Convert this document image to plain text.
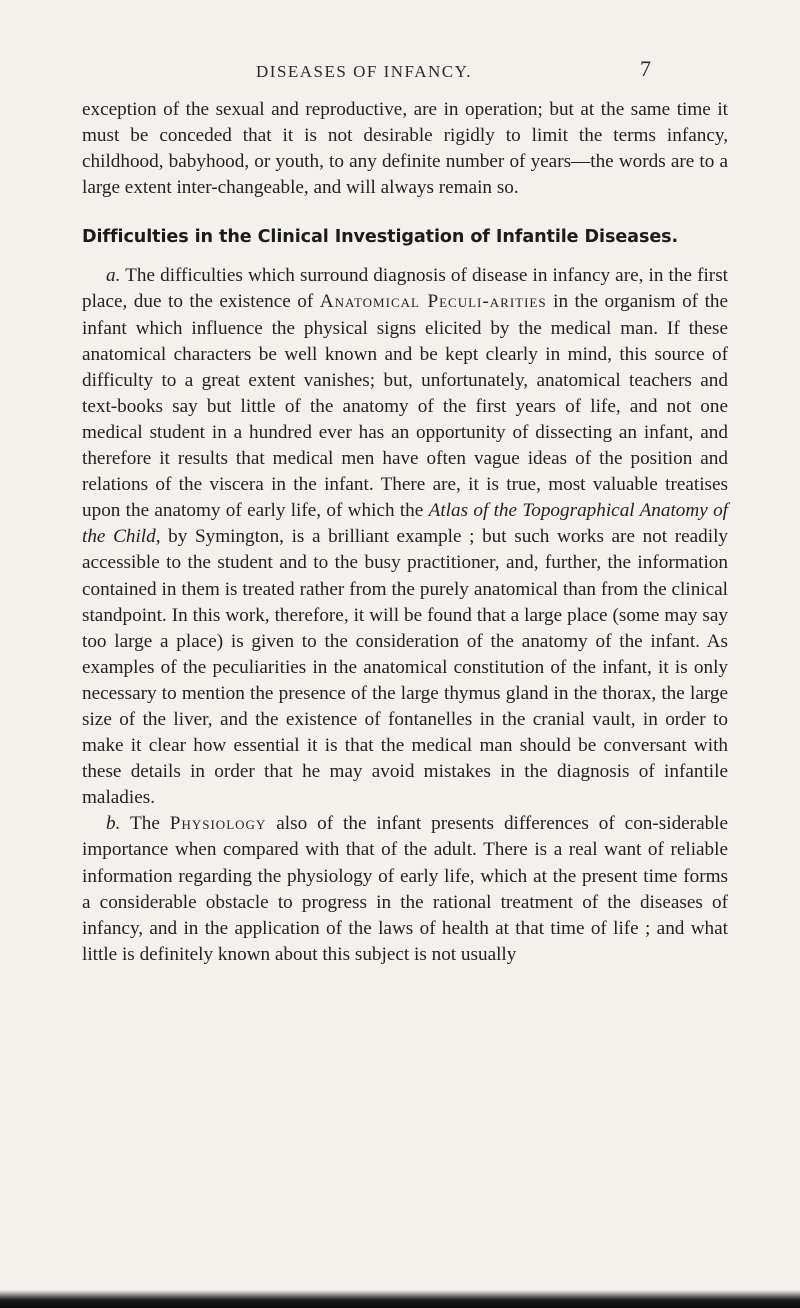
DISEASES OF INFANCY.	7

exception of the sexual and reproductive, are in operation; but at the same time it must be conceded that it is not desirable rigidly to limit the terms infancy, childhood, babyhood, or youth, to any definite number of years—the words are to a large extent inter-changeable, and will always remain so.

Difficulties in the Clinical Investigation of Infantile Diseases.

a. The difficulties which surround diagnosis of disease in infancy are, in the first place, due to the existence of Anatomical Peculi-arities in the organism of the infant which influence the physical signs elicited by the medical man. If these anatomical characters be well known and be kept clearly in mind, this source of difficulty to a great extent vanishes; but, unfortunately, anatomical teachers and text-books say but little of the anatomy of the first years of life, and not one medical student in a hundred ever has an opportunity of dissecting an infant, and therefore it results that medical men have often vague ideas of the position and relations of the viscera in the infant. There are, it is true, most valuable treatises upon the anatomy of early life, of which the Atlas of the Topographical Anatomy of the Child, by Symington, is a brilliant example ; but such works are not readily accessible to the student and to the busy practitioner, and, further, the information contained in them is treated rather from the purely anatomical than from the clinical standpoint. In this work, therefore, it will be found that a large place (some may say too large a place) is given to the consideration of the anatomy of the infant. As examples of the peculiarities in the anatomical constitution of the infant, it is only necessary to mention the presence of the large thymus gland in the thorax, the large size of the liver, and the existence of fontanelles in the cranial vault, in order to make it clear how essential it is that the medical man should be conversant with these details in order that he may avoid mistakes in the diagnosis of infantile maladies.

b. The Physiology also of the infant presents differences of con-siderable importance when compared with that of the adult. There is a real want of reliable information regarding the physiology of early life, which at the present time forms a considerable obstacle to progress in the rational treatment of the diseases of infancy, and in the application of the laws of health at that time of life ; and what little is definitely known about this subject is not usually
